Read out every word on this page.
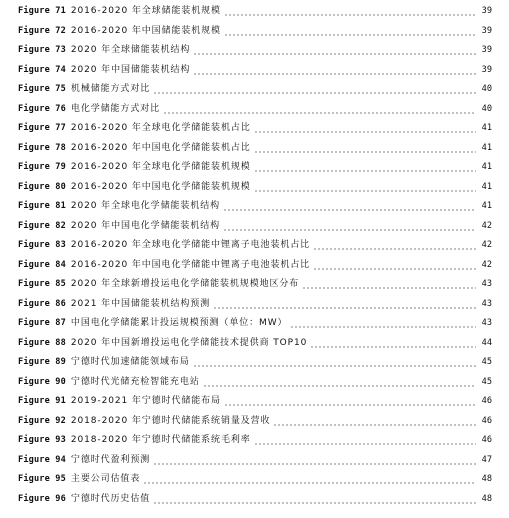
Figure 71 2016-2020 年全球储能装机规模	39
Figure 72 2016-2020 年中国储能装机规模	39
Figure 73 2020 年全球储能装机结构	39
Figure 74 2020 年中国储能装机结构	39
Figure 75 机械储能方式对比	40
Figure 76 电化学储能方式对比	40
Figure 77 2016-2020 年全球电化学储能装机占比	41
Figure 78 2016-2020 年中国电化学储能装机占比	41
Figure 79 2016-2020 年全球电化学储能装机规模	41
Figure 80 2016-2020 年中国电化学储能装机规模	41
Figure 81 2020 年全球电化学储能装机结构	41
Figure 82 2020 年中国电化学储能装机结构	42
Figure 83 2016-2020 年全球电化学储能中锂离子电池装机占比	42
Figure 84 2016-2020 年中国电化学储能中锂离子电池装机占比	42
Figure 85 2020 年全球新增投运电化学储能装机规模地区分布	43
Figure 86 2021 年中国储能装机结构预测	43
Figure 87 中国电化学储能累计投运规模预测（单位：MW）	43
Figure 88 2020 年中国新增投运电化学储能技术提供商 TOP10	44
Figure 89 宁德时代加速储能领域布局	45
Figure 90 宁德时代光储充检智能充电站	45
Figure 91 2019-2021 年宁德时代储能布局	46
Figure 92 2018-2020 年宁德时代储能系统销量及营收	46
Figure 93 2018-2020 年宁德时代储能系统毛利率	46
Figure 94 宁德时代盈利预测	47
Figure 95 主要公司估值表	48
Figure 96 宁德时代历史估值	48
